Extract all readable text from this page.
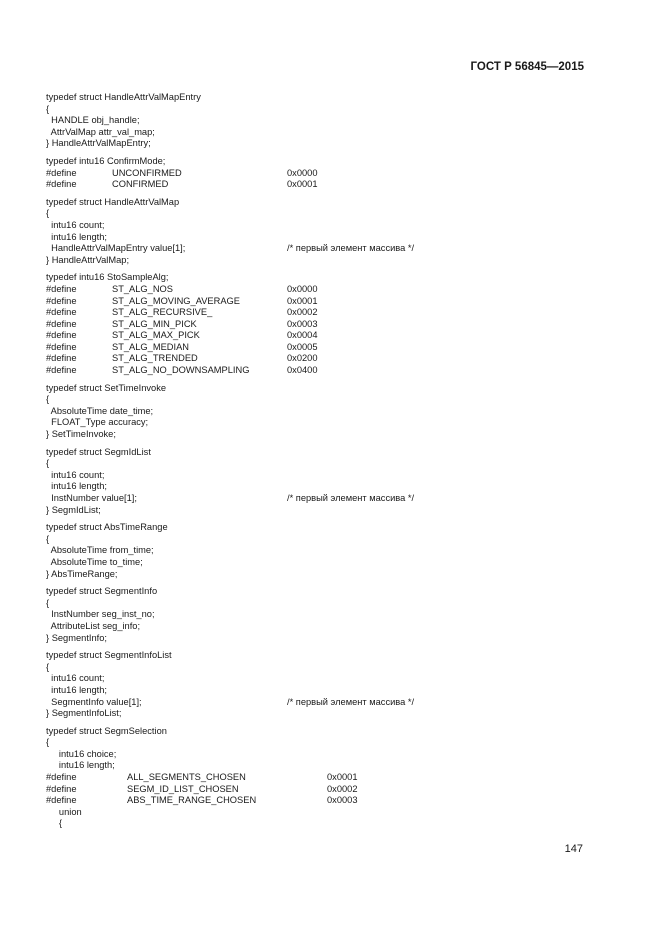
ГОСТ Р 56845—2015
typedef struct HandleAttrValMapEntry
{
HANDLE obj_handle;
AttrValMap attr_val_map;
} HandleAttrValMapEntry;
typedef intu16 ConfirmMode;
#define	UNCONFIRMED	0x0000
#define	CONFIRMED	0x0001
typedef struct HandleAttrValMap
{
intu16 count;
intu16 length;
HandleAttrValMapEntry value[1];	/* первый элемент массива */
} HandleAttrValMap;
typedef intu16 StoSampleAlg;
#define	ST_ALG_NOS	0x0000
#define	ST_ALG_MOVING_AVERAGE	0x0001
#define	ST_ALG_RECURSIVE_	0x0002
#define	ST_ALG_MIN_PICK	0x0003
#define	ST_ALG_MAX_PICK	0x0004
#define	ST_ALG_MEDIAN	0x0005
#define	ST_ALG_TRENDED	0x0200
#define	ST_ALG_NO_DOWNSAMPLING	0x0400
typedef struct SetTimeInvoke
{
AbsoluteTime date_time;
FLOAT_Type accuracy;
} SetTimeInvoke;
typedef struct SegmIdList
{
intu16 count;
intu16 length;
InstNumber value[1];	/* первый элемент массива */
} SegmIdList;
typedef struct AbsTimeRange
{
AbsoluteTime from_time;
AbsoluteTime to_time;
} AbsTimeRange;
typedef struct SegmentInfo
{
InstNumber seg_inst_no;
AttributeList seg_info;
} SegmentInfo;
typedef struct SegmentInfoList
{
intu16 count;
intu16 length;
SegmentInfo value[1];	/* первый элемент массива */
} SegmentInfoList;
typedef struct SegmSelection
{
intu16 choice;
intu16 length;
#define	ALL_SEGMENTS_CHOSEN	0x0001
#define	SEGM_ID_LIST_CHOSEN	0x0002
#define	ABS_TIME_RANGE_CHOSEN	0x0003
union
{
147
